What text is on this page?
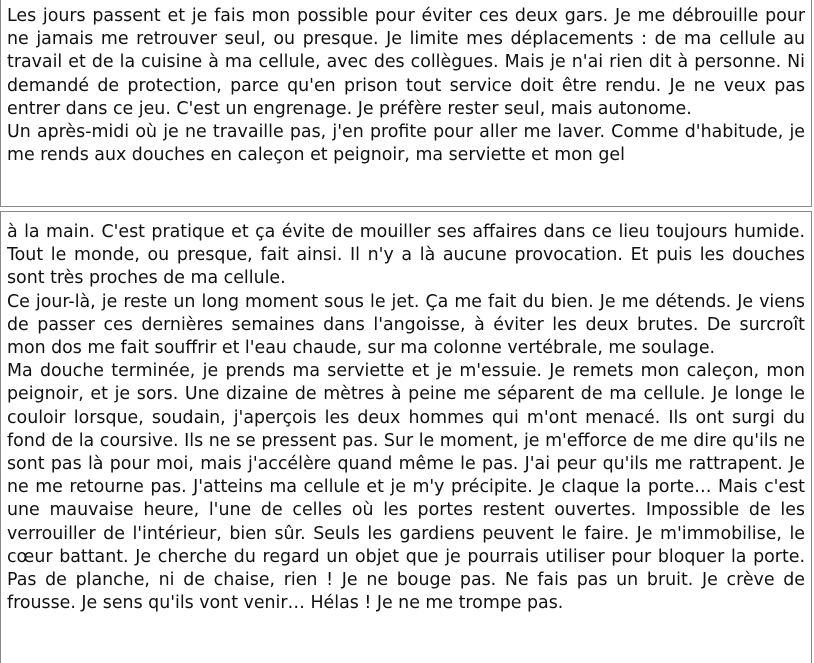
Les jours passent et je fais mon possible pour éviter ces deux gars. Je me débrouille pour ne jamais me retrouver seul, ou presque. Je limite mes déplacements : de ma cellule au travail et de la cuisine à ma cellule, avec des collègues. Mais je n'ai rien dit à personne. Ni demandé de protection, parce qu'en prison tout service doit être rendu. Je ne veux pas entrer dans ce jeu. C'est un engrenage. Je préfère rester seul, mais autonome.

Un après-midi où je ne travaille pas, j'en profite pour aller me laver. Comme d'habitude, je me rends aux douches en caleçon et peignoir, ma serviette et mon gel

à la main. C'est pratique et ça évite de mouiller ses affaires dans ce lieu toujours humide. Tout le monde, ou presque, fait ainsi. Il n'y a là aucune provocation. Et puis les douches sont très proches de ma cellule.

Ce jour-là, je reste un long moment sous le jet. Ça me fait du bien. Je me détends. Je viens de passer ces dernières semaines dans l'angoisse, à éviter les deux brutes. De surcroît mon dos me fait souffrir et l'eau chaude, sur ma colonne vertébrale, me soulage.

Ma douche terminée, je prends ma serviette et je m'essuie. Je remets mon caleçon, mon peignoir, et je sors. Une dizaine de mètres à peine me séparent de ma cellule. Je longe le couloir lorsque, soudain, j'aperçois les deux hommes qui m'ont menacé. Ils ont surgi du fond de la coursive. Ils ne se pressent pas. Sur le moment, je m'efforce de me dire qu'ils ne sont pas là pour moi, mais j'accélère quand même le pas. J'ai peur qu'ils me rattrapent. Je ne me retourne pas. J'atteins ma cellule et je m'y précipite. Je claque la porte… Mais c'est une mauvaise heure, l'une de celles où les portes restent ouvertes. Impossible de les verrouiller de l'intérieur, bien sûr. Seuls les gardiens peuvent le faire. Je m'immobilise, le cœur battant. Je cherche du regard un objet que je pourrais utiliser pour bloquer la porte. Pas de planche, ni de chaise, rien ! Je ne bouge pas. Ne fais pas un bruit. Je crève de frousse. Je sens qu'ils vont venir… Hélas ! Je ne me trompe pas.
